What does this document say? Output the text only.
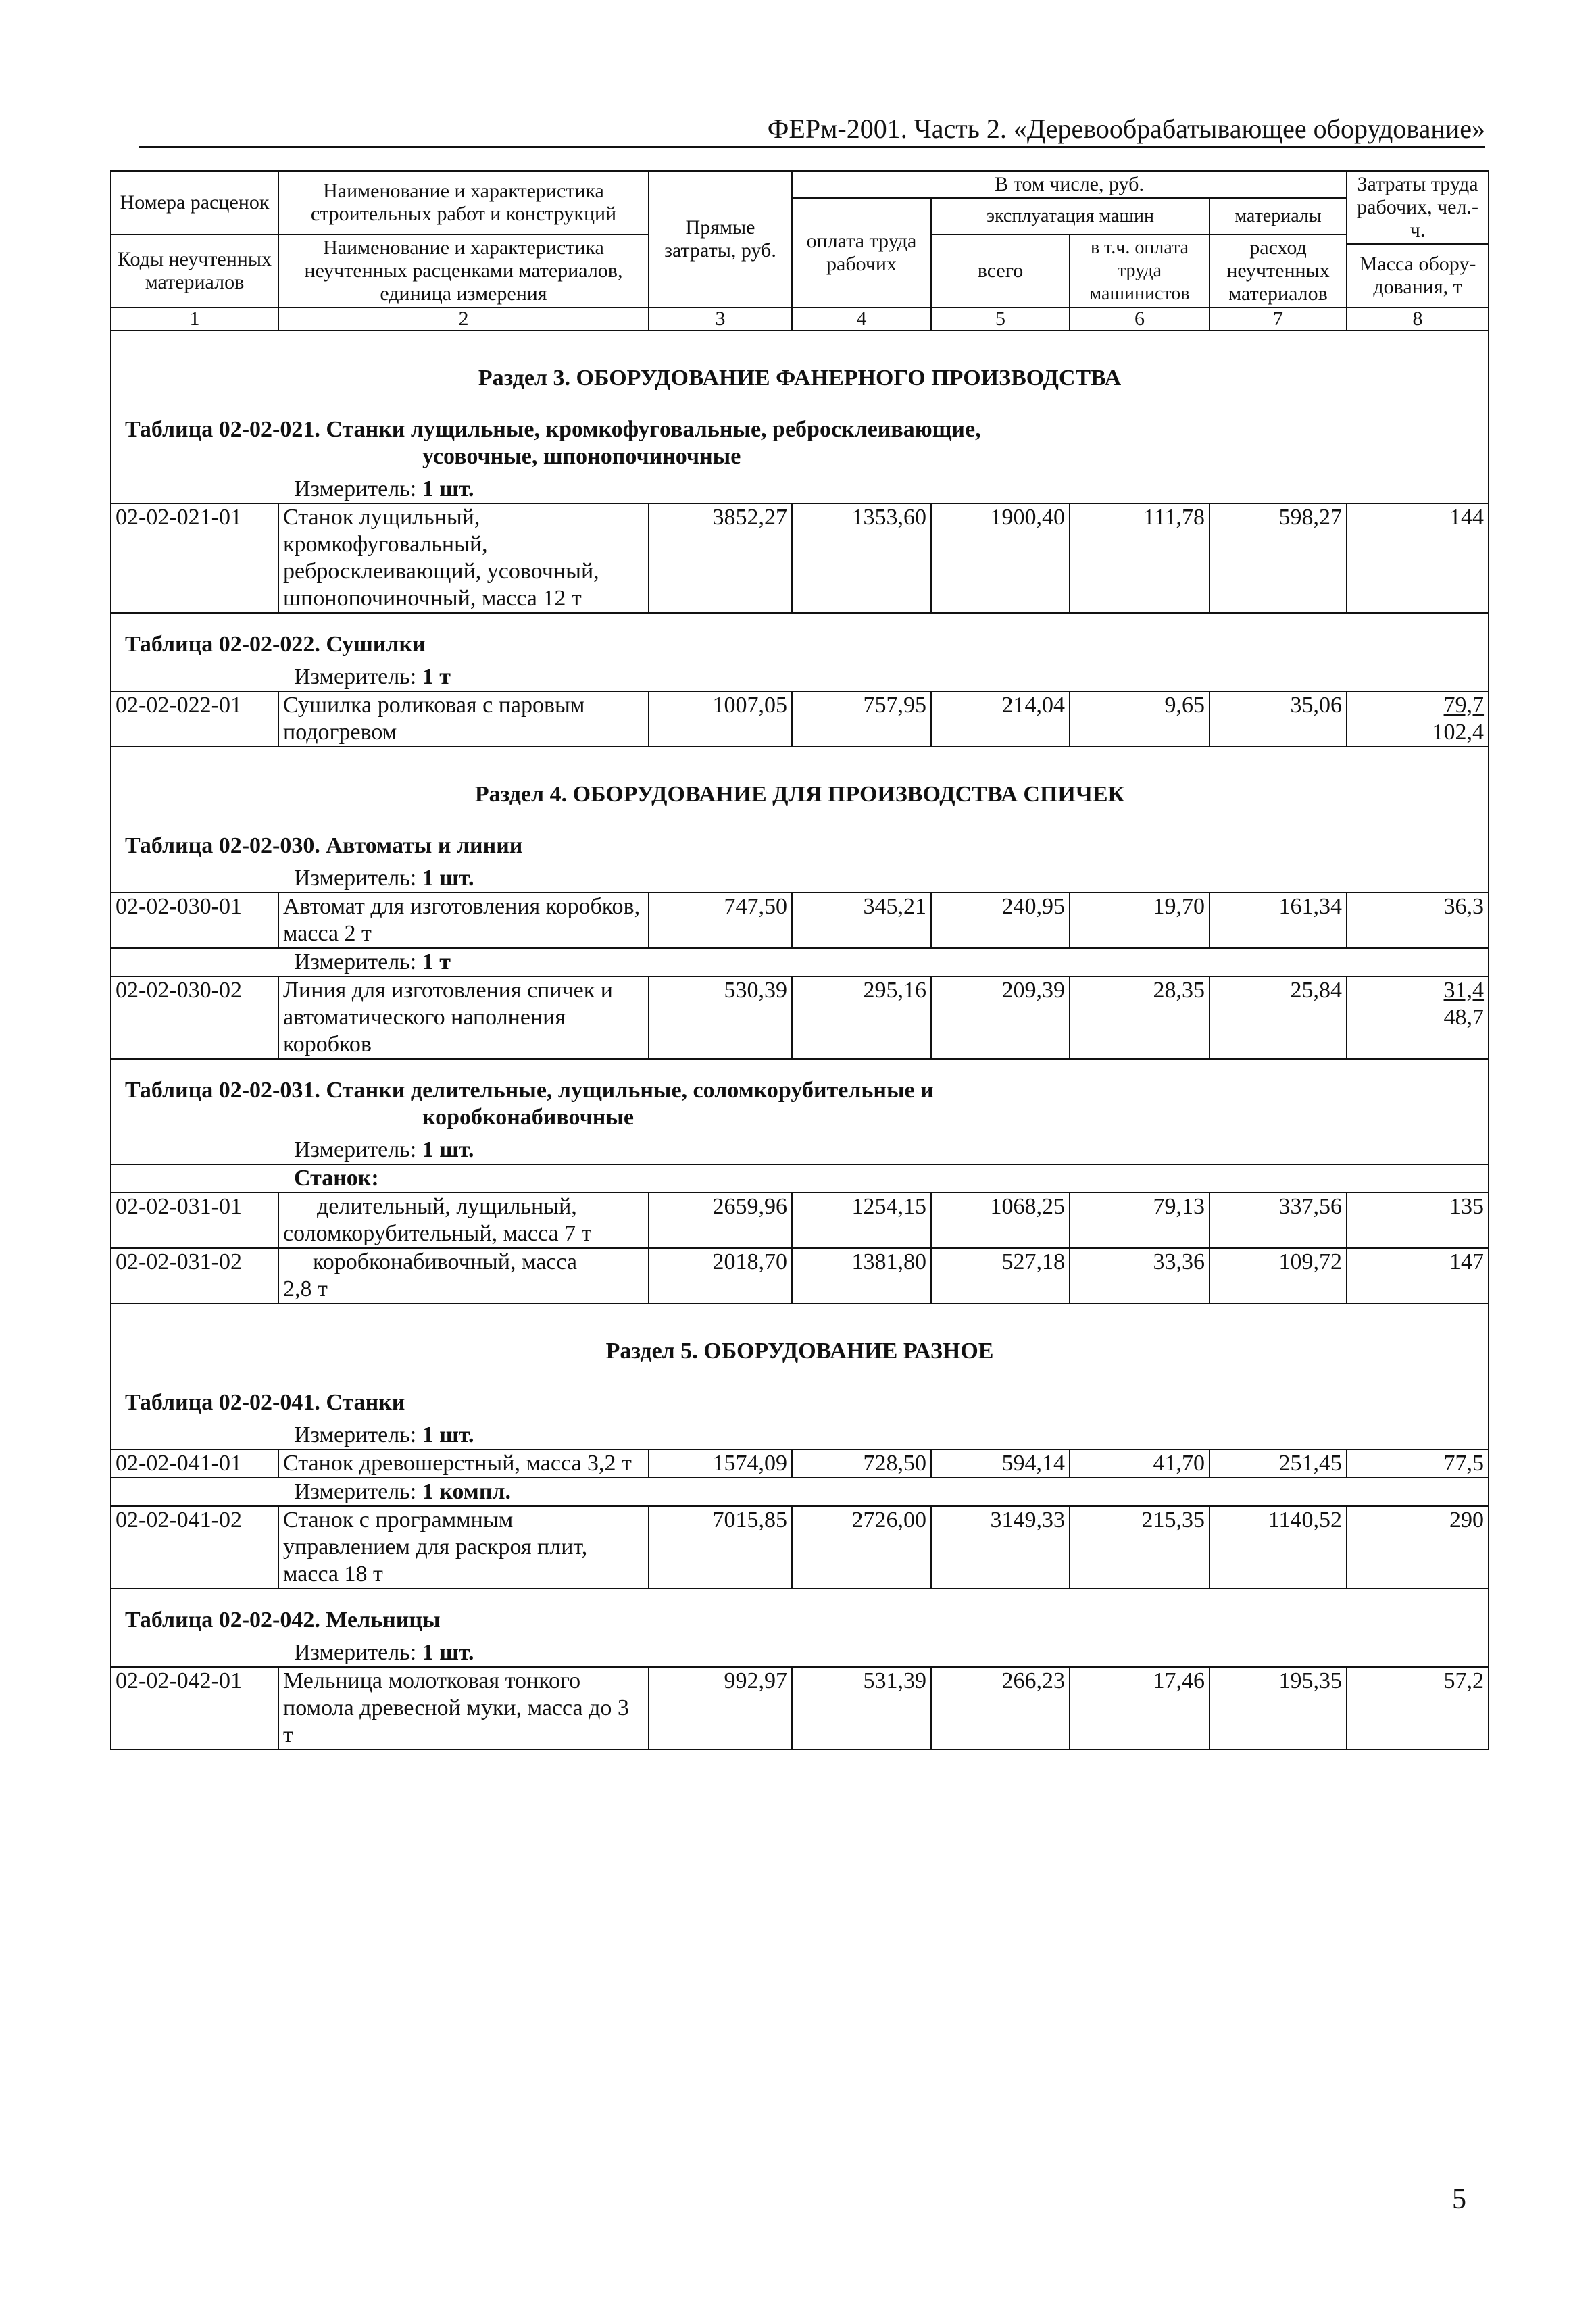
ФЕРм-2001. Часть 2. «Деревообрабатывающее оборудование»
Номера расценок	Наименование и характеристика строительных работ и конструкций	Прямые затраты, руб.	В том числе, руб.				Затраты труда рабочих, чел.-ч.
			оплата труда рабочих	эксплуатация машин		материалы	
Коды неучтенных материалов	Наименование и характеристика неучтенных расценками материалов, единица измерения			всего	в т.ч. оплата труда машинистов	расход неучтенных материалов	
							Масса обору-дования, т

1	2	3	4	5	6	7	8
Раздел 3. ОБОРУДОВАНИЕ ФАНЕРНОГО ПРОИЗВОДСТВА							
Таблица 02-02-021. Станки лущильные, кромкофуговальные, ребросклеивающие,
усовочные, шпонопочиночные							

Измеритель: 1 шт.							
02-02-021-01	Станок лущильный, кромкофуговальный, ребросклеивающий, усовочный, шпонопочиночный, масса 12 т	3852,27	1353,60	1900,40	111,78	598,27	144
Таблица 02-02-022. Сушилки							
Измеритель: 1 т							
02-02-022-01	Сушилка роликовая с паровым подогревом	1007,05	757,95	214,04	9,65	35,06	79,7
102,4

Раздел 4. ОБОРУДОВАНИЕ ДЛЯ ПРОИЗВОДСТВА СПИЧЕК							
Таблица 02-02-030. Автоматы и линии							
Измеритель: 1 шт.							
02-02-030-01	Автомат для изготовления коробков, масса 2 т	747,50	345,21	240,95	19,70	161,34	36,3
Измеритель: 1 т							
02-02-030-02	Линия для изготовления спичек и автоматического наполнения коробков	530,39	295,16	209,39	28,35	25,84	31,4
48,7

Таблица 02-02-031. Станки делительные, лущильные, соломкорубительные и
коробконабивочные							

Измеритель: 1 шт.							
Станок:							
02-02-031-01	делительный, лущильный,
соломкорубительный, масса 7 т	2659,96	1254,15	1068,25	79,13	337,56	135
02-02-031-02	коробконабивочный, масса
2,8 т	2018,70	1381,80	527,18	33,36	109,72	147
Раздел 5. ОБОРУДОВАНИЕ РАЗНОЕ							
Таблица 02-02-041. Станки							
Измеритель: 1 шт.							
02-02-041-01	Станок древошерстный, масса 3,2 т	1574,09	728,50	594,14	41,70	251,45	77,5
Измеритель: 1 компл.							
02-02-041-02	Станок с программным управлением для раскроя плит, масса 18 т	7015,85	2726,00	3149,33	215,35	1140,52	290
Таблица 02-02-042. Мельницы							
Измеритель: 1 шт.							
02-02-042-01	Мельница молотковая тонкого помола древесной муки, масса до 3 т	992,97	531,39	266,23	17,46	195,35	57,2
5
